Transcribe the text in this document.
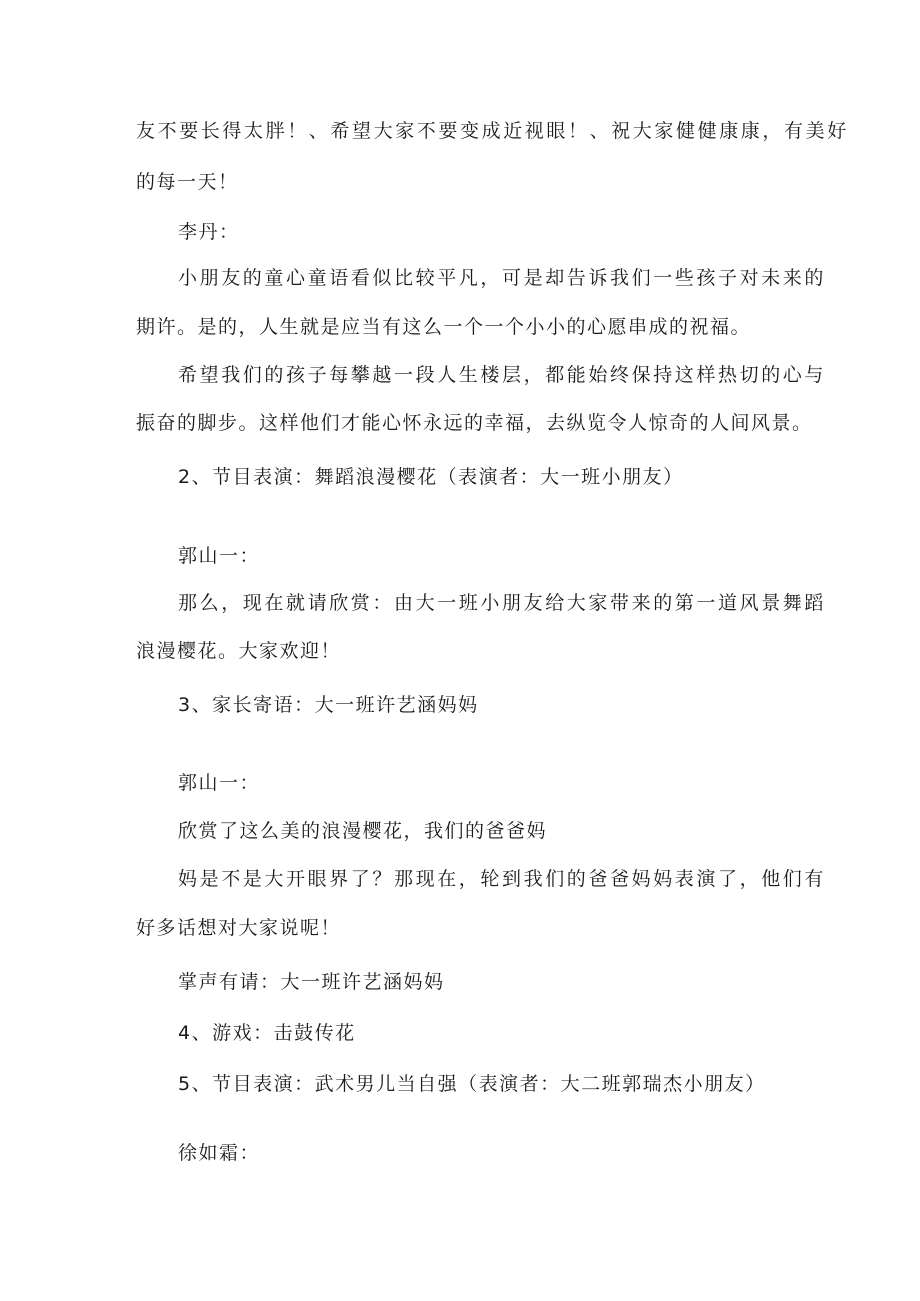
友不要长得太胖！、希望大家不要变成近视眼！、祝大家健健康康，有美好
的每一天！
李丹：
小朋友的童心童语看似比较平凡，可是却告诉我们一些孩子对未来的
期许。是的，人生就是应当有这么一个一个小小的心愿串成的祝福。
希望我们的孩子每攀越一段人生楼层，都能始终保持这样热切的心与
振奋的脚步。这样他们才能心怀永远的幸福，去纵览令人惊奇的人间风景。
2、节目表演：舞蹈浪漫樱花（表演者：大一班小朋友）
郭山一：
那么，现在就请欣赏：由大一班小朋友给大家带来的第一道风景舞蹈
浪漫樱花。大家欢迎！
3、家长寄语：大一班许艺涵妈妈
郭山一：
欣赏了这么美的浪漫樱花，我们的爸爸妈
妈是不是大开眼界了？那现在，轮到我们的爸爸妈妈表演了，他们有
好多话想对大家说呢！
掌声有请：大一班许艺涵妈妈
4、游戏：击鼓传花
5、节目表演：武术男儿当自强（表演者：大二班郭瑞杰小朋友）
徐如霜：
